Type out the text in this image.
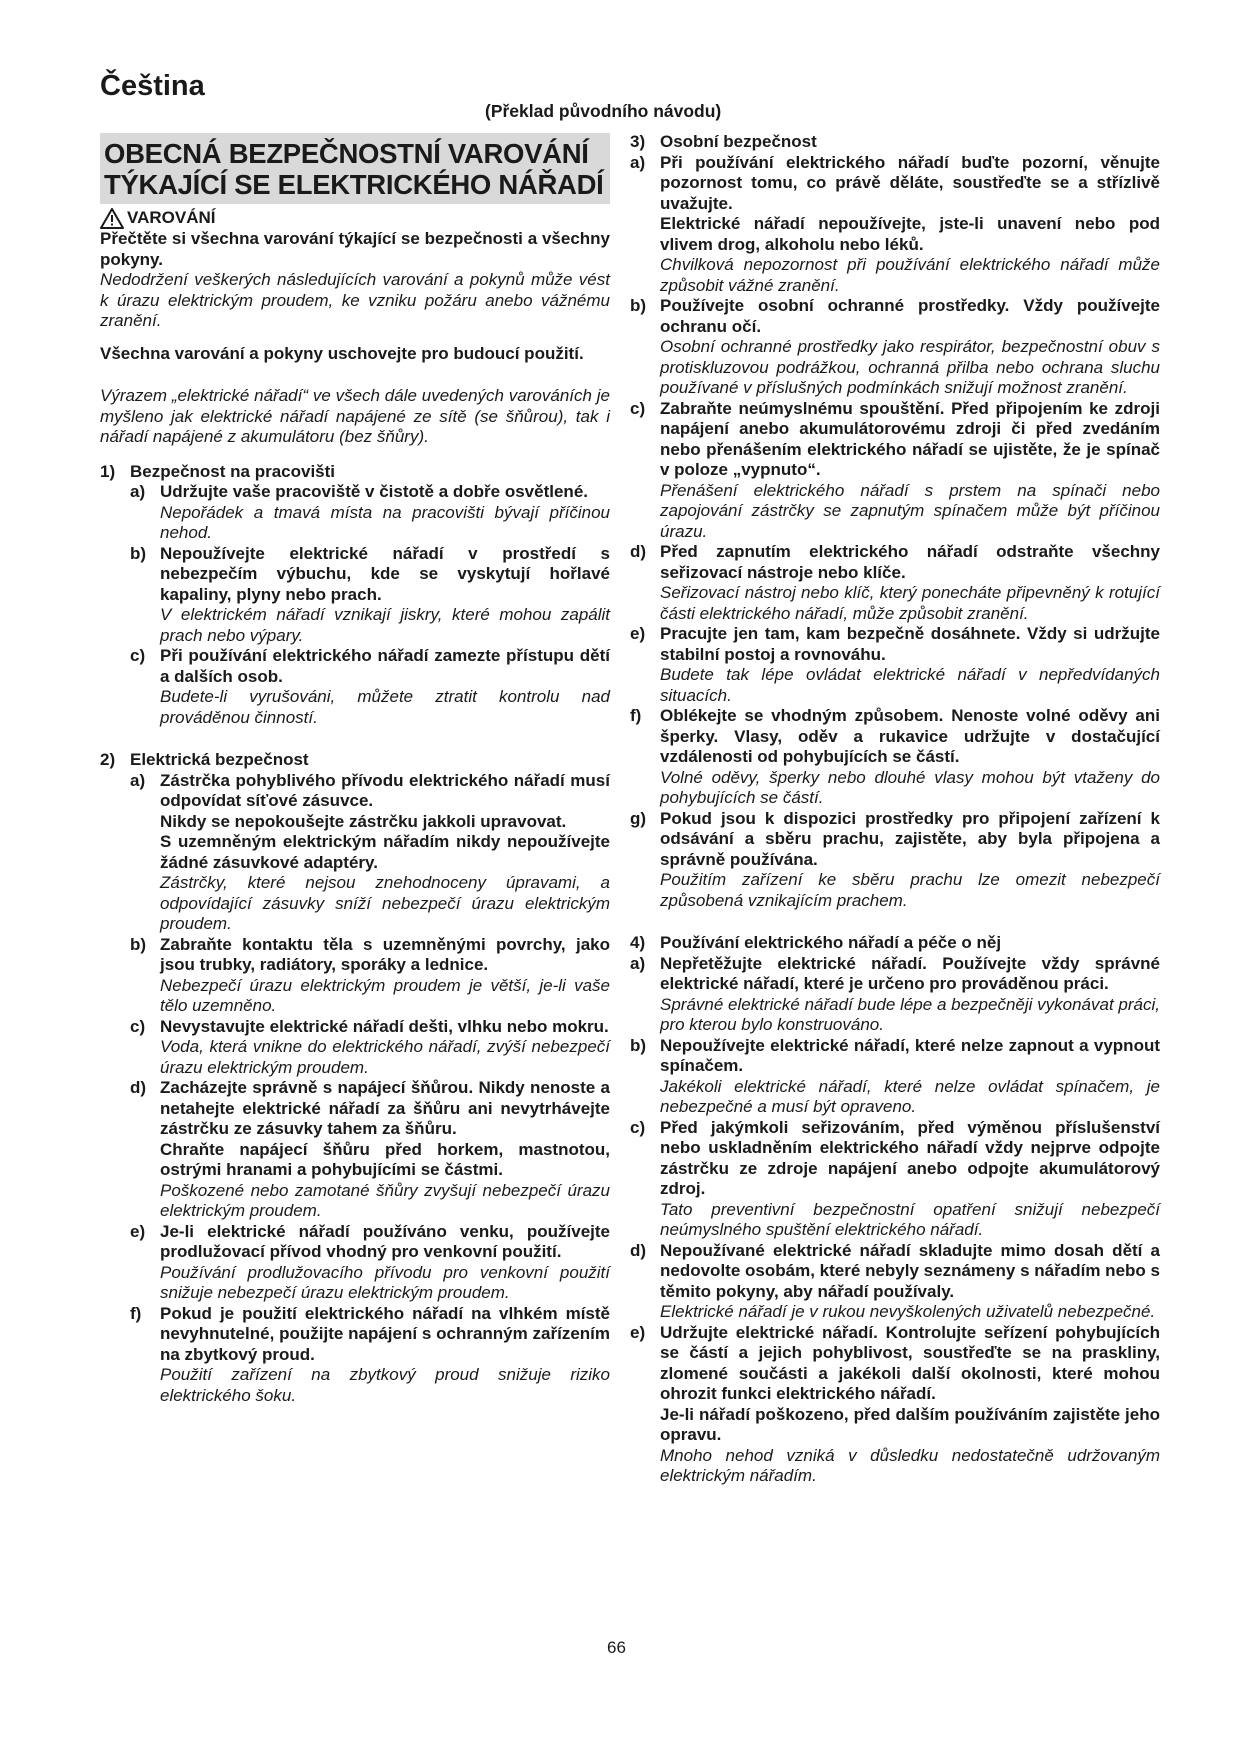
Čeština
(Překlad původního návodu)
OBECNÁ BEZPEČNOSTNÍ VAROVÁNÍ TÝKAJÍCÍ SE ELEKTRICKÉHO NÁŘADÍ
VAROVÁNÍ
Přečtěte si všechna varování týkající se bezpečnosti a všechny pokyny.
Nedodržení veškerých následujících varování a pokynů může vést k úrazu elektrickým proudem, ke vzniku požáru anebo vážnému zranění.
Všechna varování a pokyny uschovejte pro budoucí použití.
Výrazem „elektrické nářadí“ ve všech dále uvedených varováních je myšleno jak elektrické nářadí napájené ze sítě (se šňůrou), tak i nářadí napájené z akumulátoru (bez šňůry).
1) Bezpečnost na pracovišti
a) Udržujte vaše pracoviště v čistotě a dobře osvětlené.
Nepořádek a tmavá místa na pracovišti bývají příčinou nehod.
b) Nepoužívejte elektrické nářadí v prostředí s nebezpečím výbuchu, kde se vyskytují hořlavé kapaliny, plyny nebo prach.
V elektrickém nářadí vznikají jiskry, které mohou zapálit prach nebo výpary.
c) Při používání elektrického nářadí zamezte přístupu dětí a dalších osob.
Budete-li vyrušováni, můžete ztratit kontrolu nad prováděnou činností.
2) Elektrická bezpečnost
a) Zástrčka pohyblivého přívodu elektrického nářadí musí odpovídat síťové zásuvce.
Nikdy se nepokoušejte zástrčku jakkoli upravovat.
S uzemněným elektrickým nářadím nikdy nepoužívejte žádné zásuvkové adaptéry.
Zástrčky, které nejsou znehodnoceny úpravami, a odpovídající zásuvky sníží nebezpečí úrazu elektrickým proudem.
b) Zabraňte kontaktu těla s uzemněnými povrchy, jako jsou trubky, radiátory, sporáky a lednice.
Nebezpečí úrazu elektrickým proudem je větší, je-li vaše tělo uzemněno.
c) Nevystavujte elektrické nářadí dešti, vlhku nebo mokru.
Voda, která vnikne do elektrického nářadí, zvýší nebezpečí úrazu elektrickým proudem.
d) Zacházejte správně s napájecí šňůrou. Nikdy nenoste a netahejte elektrické nářadí za šňůru ani nevytrhávejte zástrčku ze zásuvky tahem za šňůru.
Chraňte napájecí šňůru před horkem, mastnotou, ostrými hranami a pohybujícími se částmi.
Poškozené nebo zamotané šňůry zvyšují nebezpečí úrazu elektrickým proudem.
e) Je-li elektrické nářadí používáno venku, používejte prodlužovací přívod vhodný pro venkovní použití.
Používání prodlužovacího přívodu pro venkovní použití snižuje nebezpečí úrazu elektrickým proudem.
f)	Pokud je použití elektrického nářadí na vlhkém místě nevyhnutelné, použijte napájení s ochranným zařízením na zbytkový proud.
Použití zařízení na zbytkový proud snižuje riziko elektrického šoku.
3) Osobní bezpečnost
a) Při používání elektrického nářadí buďte pozorní, věnujte pozornost tomu, co právě děláte, soustřeďte se a střízlivě uvažujte.
Elektrické nářadí nepoužívejte, jste-li unavení nebo pod vlivem drog, alkoholu nebo léků.
Chvilková nepozornost při používání elektrického nářadí může způsobit vážné zranění.
b) Používejte osobní ochranné prostředky. Vždy používejte ochranu očí.
Osobní ochranné prostředky jako respirátor, bezpečnostní obuv s protiskluzovou podrážkou, ochranná přilba nebo ochrana sluchu používané v příslušných podmínkách snižují možnost zranění.
c) Zabraňte neúmyslnému spouštění. Před připojením ke zdroji napájení anebo akumulátorovému zdroji či před zvedáním nebo přenášením elektrického nářadí se ujistěte, že je spínač v poloze „vypnuto“.
Přenášení elektrického nářadí s prstem na spínači nebo zapojování zástrčky se zapnutým spínačem může být příčinou úrazu.
d) Před zapnutím elektrického nářadí odstraňte všechny seřizovací nástroje nebo klíče.
Seřizovací nástroj nebo klíč, který ponecháte připevněný k rotující části elektrického nářadí, může způsobit zranění.
e) Pracujte jen tam, kam bezpečně dosáhnete. Vždy si udržujte stabilní postoj a rovnováhu.
Budete tak lépe ovládat elektrické nářadí v nepředvídaných situacích.
f)	Oblékejte se vhodným způsobem. Nenoste volné oděvy ani šperky. Vlasy, oděv a rukavice udržujte v dostačující vzdálenosti od pohybujících se částí.
Volné oděvy, šperky nebo dlouhé vlasy mohou být vtaženy do pohybujících se částí.
g) Pokud jsou k dispozici prostředky pro připojení zařízení k odsávání a sběru prachu, zajistěte, aby byla připojena a správně používána.
Použitím zařízení ke sběru prachu lze omezit nebezpečí způsobená vznikajícím prachem.
4) Používání elektrického nářadí a péče o něj
a) Nepřetěžujte elektrické nářadí. Používejte vždy správné elektrické nářadí, které je určeno pro prováděnou práci.
Správné elektrické nářadí bude lépe a bezpečněji vykonávat práci, pro kterou bylo konstruováno.
b) Nepoužívejte elektrické nářadí, které nelze zapnout a vypnout spínačem.
Jakékoli elektrické nářadí, které nelze ovládat spínačem, je nebezpečné a musí být opraveno.
c) Před jakýmkoli seřizováním, před výměnou příslušenství nebo uskladněním elektrického nářadí vždy nejprve odpojte zástrčku ze zdroje napájení anebo odpojte akumulátorový zdroj.
Tato preventivní bezpečnostní opatření snižují nebezpečí neúmyslného spuštění elektrického nářadí.
d) Nepoužívané elektrické nářadí skladujte mimo dosah dětí a nedovolte osobám, které nebyly seznámeny s nářadím nebo s těmito pokyny, aby nářadí používaly.
Elektrické nářadí je v rukou nevyškolených uživatelů nebezpečné.
e) Udržujte elektrické nářadí. Kontrolujte seřízení pohybujících se částí a jejich pohyblivost, soustřeďte se na praskliny, zlomené součásti a jakékoli další okolnosti, které mohou ohrozit funkci elektrického nářadí.
Je-li nářadí poškozeno, před dalším používáním zajistěte jeho opravu.
Mnoho nehod vzniká v důsledku nedostatečně udržovaným elektrickým nářadím.
66
